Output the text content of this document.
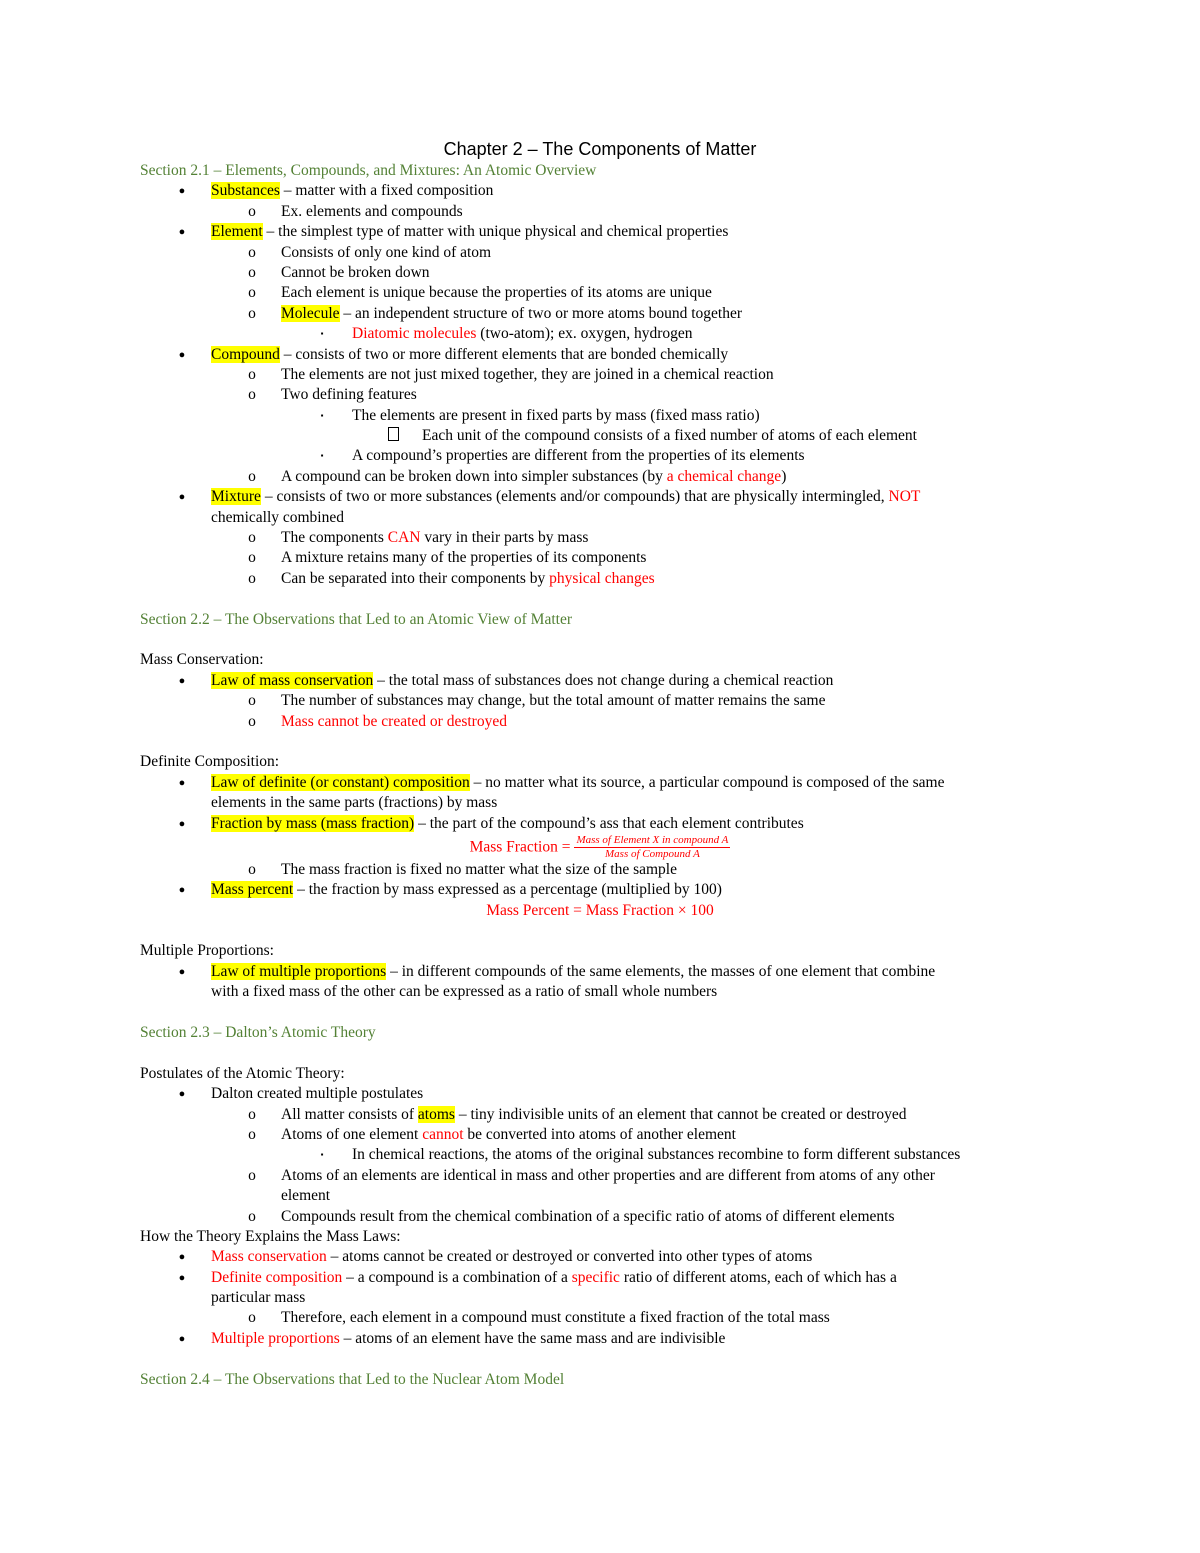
Chapter 2 – The Components of Matter
Section 2.1 – Elements, Compounds, and Mixtures: An Atomic Overview
● Substances – matter with a fixed composition
o Ex. elements and compounds
● Element – the simplest type of matter with unique physical and chemical properties
o Consists of only one kind of atom
o Cannot be broken down
o Each element is unique because the properties of its atoms are unique
o Molecule – an independent structure of two or more atoms bound together
▪ Diatomic molecules (two-atom); ex. oxygen, hydrogen
● Compound – consists of two or more different elements that are bonded chemically
o The elements are not just mixed together, they are joined in a chemical reaction
o Two defining features
▪ The elements are present in fixed parts by mass (fixed mass ratio)
Each unit of the compound consists of a fixed number of atoms of each element
▪ A compound’s properties are different from the properties of its elements
o A compound can be broken down into simpler substances (by a chemical change)
● Mixture – consists of two or more substances (elements and/or compounds) that are physically intermingled, NOT
chemically combined
o The components CAN vary in their parts by mass
o A mixture retains many of the properties of its components
o Can be separated into their components by physical changes
Section 2.2 – The Observations that Led to an Atomic View of Matter
Mass Conservation:
● Law of mass conservation – the total mass of substances does not change during a chemical reaction
o The number of substances may change, but the total amount of matter remains the same
o Mass cannot be created or destroyed
Definite Composition:
● Law of definite (or constant) composition – no matter what its source, a particular compound is composed of the same
elements in the same parts (fractions) by mass
● Fraction by mass (mass fraction) – the part of the compound’s ass that each element contributes
Mass Fraction = $\frac{\text{Mass of Element X in compound A}}{\text{Mass of Compound A}}$
o The mass fraction is fixed no matter what the size of the sample
● Mass percent – the fraction by mass expressed as a percentage (multiplied by 100)
Mass Percent = Mass Fraction × 100
Multiple Proportions:
● Law of multiple proportions – in different compounds of the same elements, the masses of one element that combine
with a fixed mass of the other can be expressed as a ratio of small whole numbers
Section 2.3 – Dalton’s Atomic Theory
Postulates of the Atomic Theory:
● Dalton created multiple postulates
o All matter consists of atoms – tiny indivisible units of an element that cannot be created or destroyed
o Atoms of one element cannot be converted into atoms of another element
▪ In chemical reactions, the atoms of the original substances recombine to form different substances
o Atoms of an elements are identical in mass and other properties and are different from atoms of any other
element
o Compounds result from the chemical combination of a specific ratio of atoms of different elements
How the Theory Explains the Mass Laws:
● Mass conservation – atoms cannot be created or destroyed or converted into other types of atoms
● Definite composition – a compound is a combination of a specific ratio of different atoms, each of which has a
particular mass
o Therefore, each element in a compound must constitute a fixed fraction of the total mass
● Multiple proportions – atoms of an element have the same mass and are indivisible
Section 2.4 – The Observations that Led to the Nuclear Atom Model
